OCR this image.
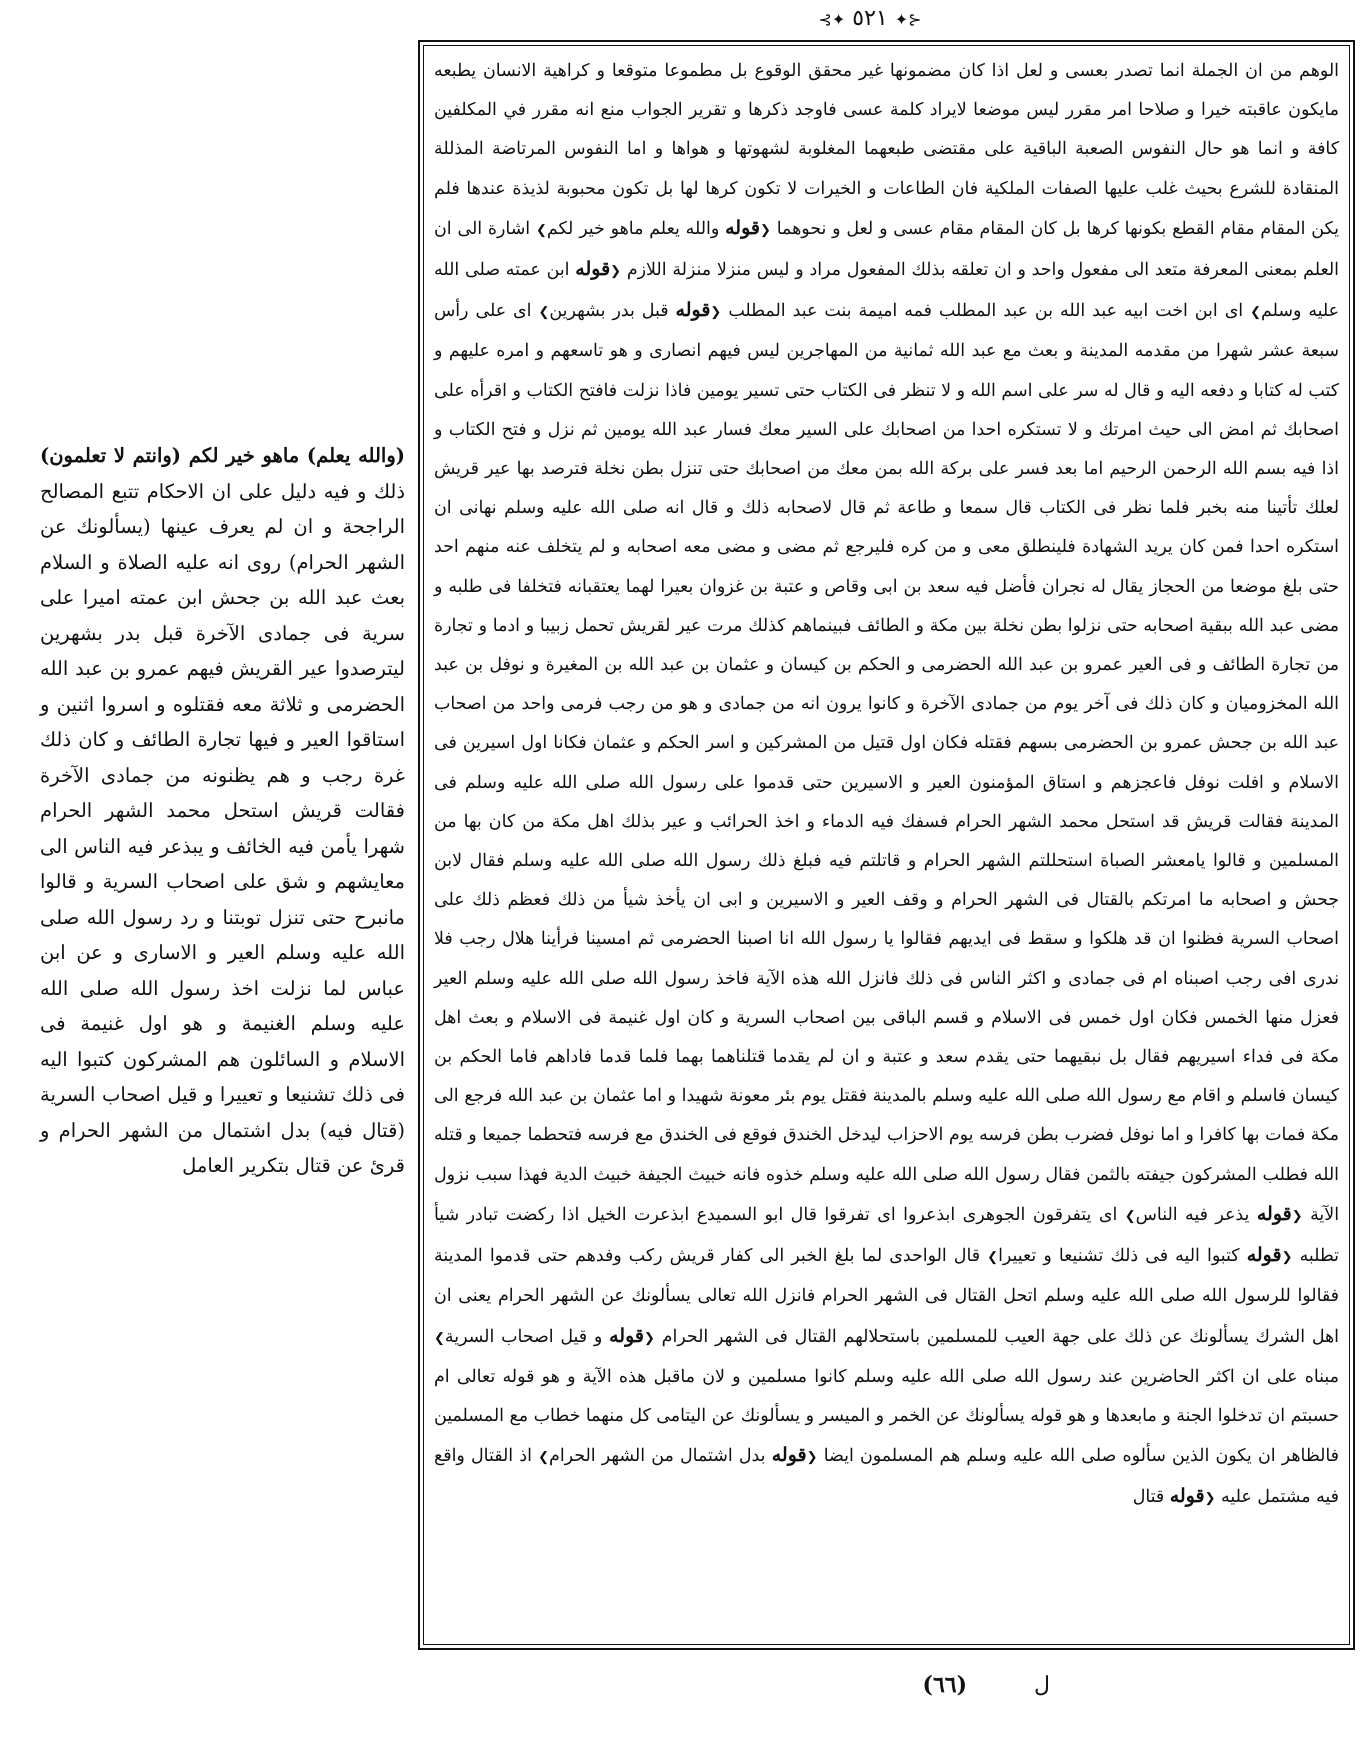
⊰✦ ٥٢١ ✦⊱

الوهم من ان الجملة انما تصدر بعسى و لعل اذا كان مضمونها غير محقق الوقوع بل مطموعا متوقعا و كراهية الانسان يطبعه مايكون عاقبته خيرا و صلاحا امر مقرر ليس موضعا لايراد كلمة عسى فاوجد ذكرها و تقرير الجواب منع انه مقرر في المكلفين كافة و انما هو حال النفوس الصعبة الباقية على مقتضى طبعهما المغلوبة لشهوتها و هواها و اما النفوس المرتاضة المذللة المنقادة للشرع بحيث غلب عليها الصفات الملكية فان الطاعات و الخيرات لا تكون كرها لها بل تكون محبوبة لذيذة عندها فلم يكن المقام مقام القطع بكونها كرها بل كان المقام مقام عسى و لعل و نحوهما ❮قوله والله يعلم ماهو خير لكم❯ اشارة الى ان العلم بمعنى المعرفة متعد الى مفعول واحد و ان تعلقه بذلك المفعول مراد و ليس منزلا منزلة اللازم ❮قوله ابن عمته صلى الله عليه وسلم❯ اى ابن اخت ابيه عبد الله بن عبد المطلب فمه اميمة بنت عبد المطلب ❮قوله قبل بدر بشهرين❯ اى على رأس سبعة عشر شهرا من مقدمه المدينة و بعث مع عبد الله ثمانية من المهاجرين ليس فيهم انصارى و هو تاسعهم و امره عليهم و كتب له كتابا و دفعه اليه و قال له سر على اسم الله و لا تنظر فى الكتاب حتى تسير يومين فاذا نزلت فافتح الكتاب و اقرأه على اصحابك ثم امض الى حيث امرتك و لا تستكره احدا من اصحابك على السير معك فسار عبد الله يومين ثم نزل و فتح الكتاب و اذا فيه بسم الله الرحمن الرحيم اما بعد فسر على بركة الله بمن معك من اصحابك حتى تنزل بطن نخلة فترصد بها عير قريش لعلك تأتينا منه بخبر فلما نظر فى الكتاب قال سمعا و طاعة ثم قال لاصحابه ذلك و قال انه صلى الله عليه وسلم نهانى ان استكره احدا فمن كان يريد الشهادة فلينطلق معى و من كره فليرجع ثم مضى و مضى معه اصحابه و لم يتخلف عنه منهم احد حتى بلغ موضعا من الحجاز يقال له نجران فأضل فيه سعد بن ابى وقاص و عتبة بن غزوان بعيرا لهما يعتقبانه فتخلفا فى طلبه و مضى عبد الله ببقية اصحابه حتى نزلوا بطن نخلة بين مكة و الطائف فبينماهم كذلك مرت عير لقريش تحمل زبيبا و ادما و تجارة من تجارة الطائف و فى العير عمرو بن عبد الله الحضرمى و الحكم بن كيسان و عثمان بن عبد الله بن المغيرة و نوفل بن عبد الله المخزوميان و كان ذلك فى آخر يوم من جمادى الآخرة و كانوا يرون انه من جمادى و هو من رجب فرمى واحد من اصحاب عبد الله بن جحش عمرو بن الحضرمى بسهم فقتله فكان اول قتيل من المشركين و اسر الحكم و عثمان فكانا اول اسيرين فى الاسلام و افلت نوفل فاعجزهم و استاق المؤمنون العير و الاسيرين حتى قدموا على رسول الله صلى الله عليه وسلم فى المدينة فقالت قريش قد استحل محمد الشهر الحرام فسفك فيه الدماء و اخذ الحرائب و عير بذلك اهل مكة من كان بها من المسلمين و قالوا يامعشر الصباة استحللتم الشهر الحرام و قاتلتم فيه فبلغ ذلك رسول الله صلى الله عليه وسلم فقال لابن جحش و اصحابه ما امرتكم بالقتال فى الشهر الحرام و وقف العير و الاسيرين و ابى ان يأخذ شيأ من ذلك فعظم ذلك على اصحاب السرية فظنوا ان قد هلكوا و سقط فى ايديهم فقالوا يا رسول الله انا اصبنا الحضرمى ثم امسينا فرأينا هلال رجب فلا ندرى افى رجب اصبناه ام فى جمادى و اكثر الناس فى ذلك فانزل الله هذه الآية فاخذ رسول الله صلى الله عليه وسلم العير فعزل منها الخمس فكان اول خمس فى الاسلام و قسم الباقى بين اصحاب السرية و كان اول غنيمة فى الاسلام و بعث اهل مكة فى فداء اسيريهم فقال بل نبقيهما حتى يقدم سعد و عتبة و ان لم يقدما قتلناهما بهما فلما قدما فاداهم فاما الحكم بن كيسان فاسلم و اقام مع رسول الله صلى الله عليه وسلم بالمدينة فقتل يوم بئر معونة شهيدا و اما عثمان بن عبد الله فرجع الى مكة فمات بها كافرا و اما نوفل فضرب بطن فرسه يوم الاحزاب ليدخل الخندق فوقع فى الخندق مع فرسه فتحطما جميعا و قتله الله فطلب المشركون جيفته بالثمن فقال رسول الله صلى الله عليه وسلم خذوه فانه خبيث الجيفة خبيث الدية فهذا سبب نزول الآية ❮قوله يذعر فيه الناس❯ اى يتفرقون الجوهرى ابذعروا اى تفرقوا قال ابو السميدع ابذعرت الخيل اذا ركضت تبادر شيأ تطلبه ❮قوله كتبوا اليه فى ذلك تشنيعا و تعييرا❯ قال الواحدى لما بلغ الخبر الى كفار قريش ركب وفدهم حتى قدموا المدينة فقالوا للرسول الله صلى الله عليه وسلم اتحل القتال فى الشهر الحرام فانزل الله تعالى يسألونك عن الشهر الحرام يعنى ان اهل الشرك يسألونك عن ذلك على جهة العيب للمسلمين باستحلالهم القتال فى الشهر الحرام ❮قوله و قيل اصحاب السرية❯ مبناه على ان اكثر الحاضرين عند رسول الله صلى الله عليه وسلم كانوا مسلمين و لان ماقبل هذه الآية و هو قوله تعالى ام حسبتم ان تدخلوا الجنة و مابعدها و هو قوله يسألونك عن الخمر و الميسر و يسألونك عن اليتامى كل منهما خطاب مع المسلمين فالظاهر ان يكون الذين سألوه صلى الله عليه وسلم هم المسلمون ايضا ❮قوله بدل اشتمال من الشهر الحرام❯ اذ القتال واقع فيه مشتمل عليه ❮قوله قتال

(والله يعلم) ماهو خير لكم (وانتم لا تعلمون) ذلك و فيه دليل على ان الاحكام تتبع المصالح الراجحة و ان لم يعرف عينها (يسألونك عن الشهر الحرام) روى انه عليه الصلاة و السلام بعث عبد الله بن جحش ابن عمته اميرا على سرية فى جمادى الآخرة قبل بدر بشهرين ليترصدوا عير القريش فيهم عمرو بن عبد الله الحضرمى و ثلاثة معه فقتلوه و اسروا اثنين و استاقوا العير و فيها تجارة الطائف و كان ذلك غرة رجب و هم يظنونه من جمادى الآخرة فقالت قريش استحل محمد الشهر الحرام شهرا يأمن فيه الخائف و يبذعر فيه الناس الى معايشهم و شق على اصحاب السرية و قالوا مانبرح حتى تنزل توبتنا و رد رسول الله صلى الله عليه وسلم العير و الاسارى و عن ابن عباس لما نزلت اخذ رسول الله صلى الله عليه وسلم الغنيمة و هو اول غنيمة فى الاسلام و السائلون هم المشركون كتبوا اليه فى ذلك تشنيعا و تعييرا و قيل اصحاب السرية (قتال فيه) بدل اشتمال من الشهر الحرام و قرئ عن قتال بتكرير العامل
ل (٦٦)
